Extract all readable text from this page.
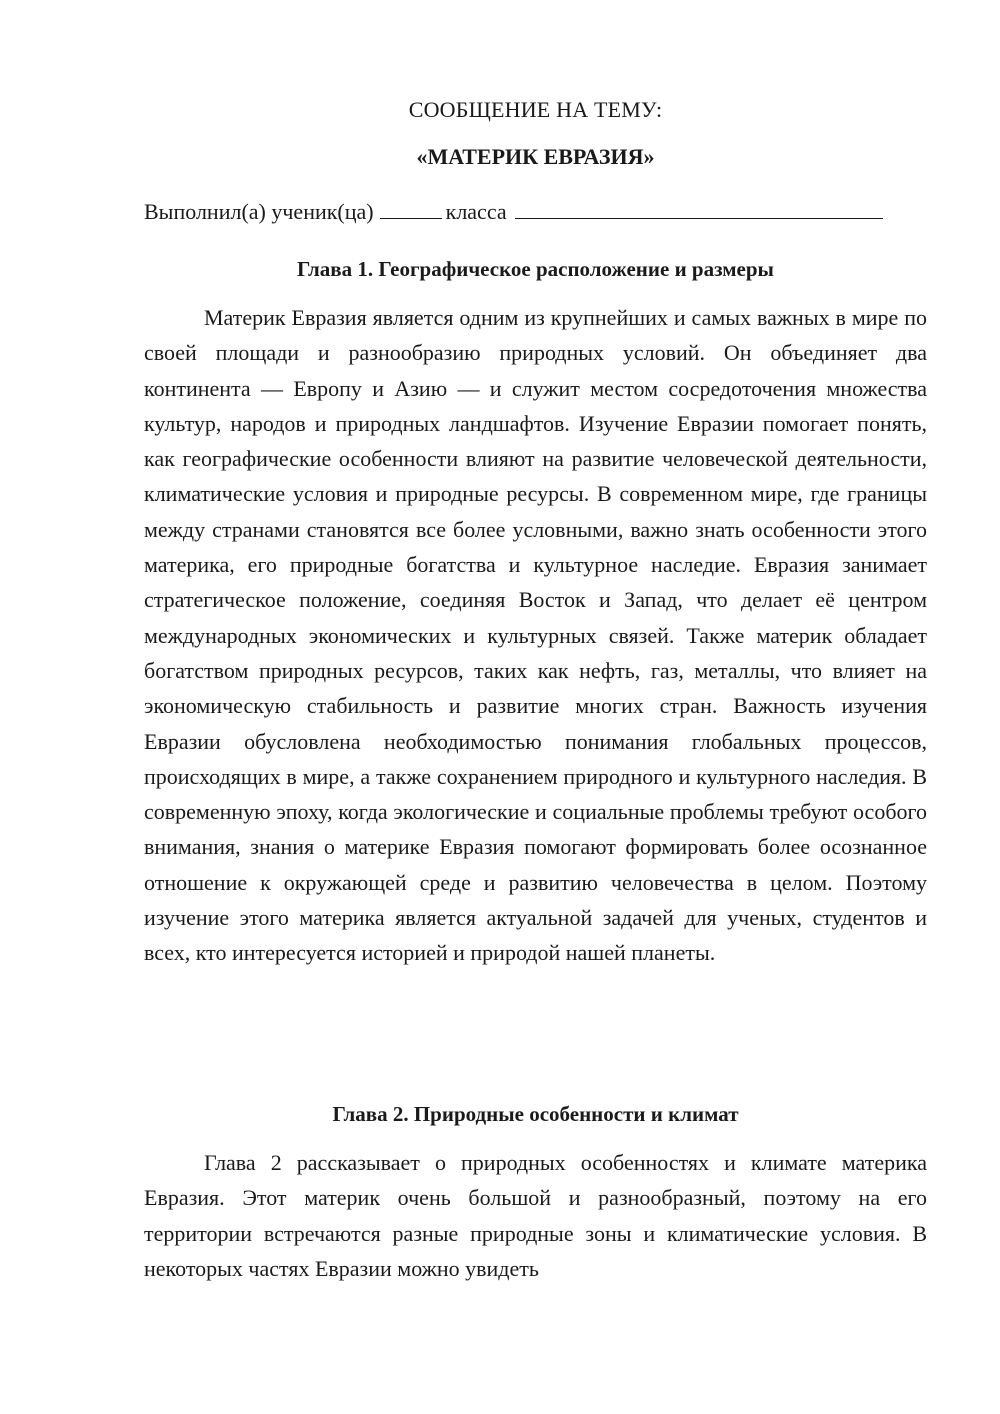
СООБЩЕНИЕ НА ТЕМУ:
«МАТЕРИК ЕВРАЗИЯ»
Выполнил(а) ученик(ца)	класса
Глава 1. Географическое расположение и размеры
Материк Евразия является одним из крупнейших и самых важных в мире по своей площади и разнообразию природных условий. Он объединяет два континента — Европу и Азию — и служит местом сосредоточения множества культур, народов и природных ландшафтов. Изучение Евразии помогает понять, как географические особенности влияют на развитие человеческой деятельности, климатические условия и природные ресурсы. В современном мире, где границы между странами становятся все более условными, важно знать особенности этого материка, его природные богатства и культурное наследие. Евразия занимает стратегическое положение, соединяя Восток и Запад, что делает её центром международных экономических и культурных связей. Также материк обладает богатством природных ресурсов, таких как нефть, газ, металлы, что влияет на экономическую стабильность и развитие многих стран. Важность изучения Евразии обусловлена необходимостью понимания глобальных процессов, происходящих в мире, а также сохранением природного и культурного наследия. В современную эпоху, когда экологические и социальные проблемы требуют особого внимания, знания о материке Евразия помогают формировать более осознанное отношение к окружающей среде и развитию человечества в целом. Поэтому изучение этого материка является актуальной задачей для ученых, студентов и всех, кто интересуется историей и природой нашей планеты.
Глава 2. Природные особенности и климат
Глава 2 рассказывает о природных особенностях и климате материка Евразия. Этот материк очень большой и разнообразный, поэтому на его территории встречаются разные природные зоны и климатические условия. В некоторых частях Евразии можно увидеть
